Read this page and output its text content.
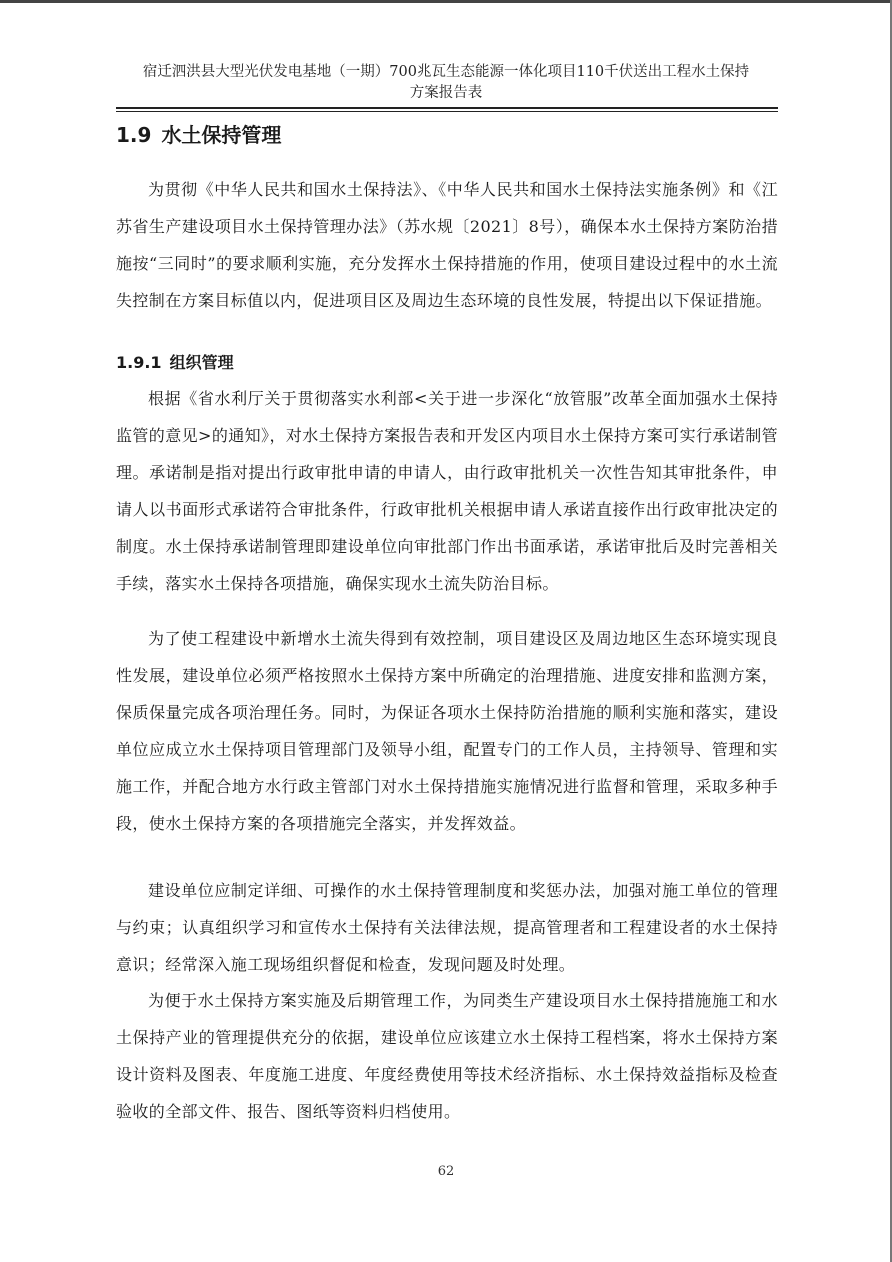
宿迁泗洪县大型光伏发电基地（一期）700兆瓦生态能源一体化项目110千伏送出工程水土保持
方案报告表
1.9 水土保持管理
为贯彻《中华人民共和国水土保持法》、《中华人民共和国水土保持法实施条例》和《江苏省生产建设项目水土保持管理办法》（苏水规〔2021〕8号），确保本水土保持方案防治措施按“三同时”的要求顺利实施，充分发挥水土保持措施的作用，使项目建设过程中的水土流失控制在方案目标值以内，促进项目区及周边生态环境的良性发展，特提出以下保证措施。
1.9.1 组织管理
根据《省水利厅关于贯彻落实水利部<关于进一步深化“放管服”改革全面加强水土保持监管的意见>的通知》，对水土保持方案报告表和开发区内项目水土保持方案可实行承诺制管理。承诺制是指对提出行政审批申请的申请人，由行政审批机关一次性告知其审批条件，申请人以书面形式承诺符合审批条件，行政审批机关根据申请人承诺直接作出行政审批决定的制度。水土保持承诺制管理即建设单位向审批部门作出书面承诺，承诺审批后及时完善相关手续，落实水土保持各项措施，确保实现水土流失防治目标。
为了使工程建设中新增水土流失得到有效控制，项目建设区及周边地区生态环境实现良性发展，建设单位必须严格按照水土保持方案中所确定的治理措施、进度安排和监测方案，保质保量完成各项治理任务。同时，为保证各项水土保持防治措施的顺利实施和落实，建设单位应成立水土保持项目管理部门及领导小组，配置专门的工作人员，主持领导、管理和实施工作，并配合地方水行政主管部门对水土保持措施实施情况进行监督和管理，采取多种手段，使水土保持方案的各项措施完全落实，并发挥效益。
建设单位应制定详细、可操作的水土保持管理制度和奖惩办法，加强对施工单位的管理与约束；认真组织学习和宣传水土保持有关法律法规，提高管理者和工程建设者的水土保持意识；经常深入施工现场组织督促和检查，发现问题及时处理。
为便于水土保持方案实施及后期管理工作，为同类生产建设项目水土保持措施施工和水土保持产业的管理提供充分的依据，建设单位应该建立水土保持工程档案，将水土保持方案设计资料及图表、年度施工进度、年度经费使用等技术经济指标、水土保持效益指标及检查验收的全部文件、报告、图纸等资料归档使用。
62
